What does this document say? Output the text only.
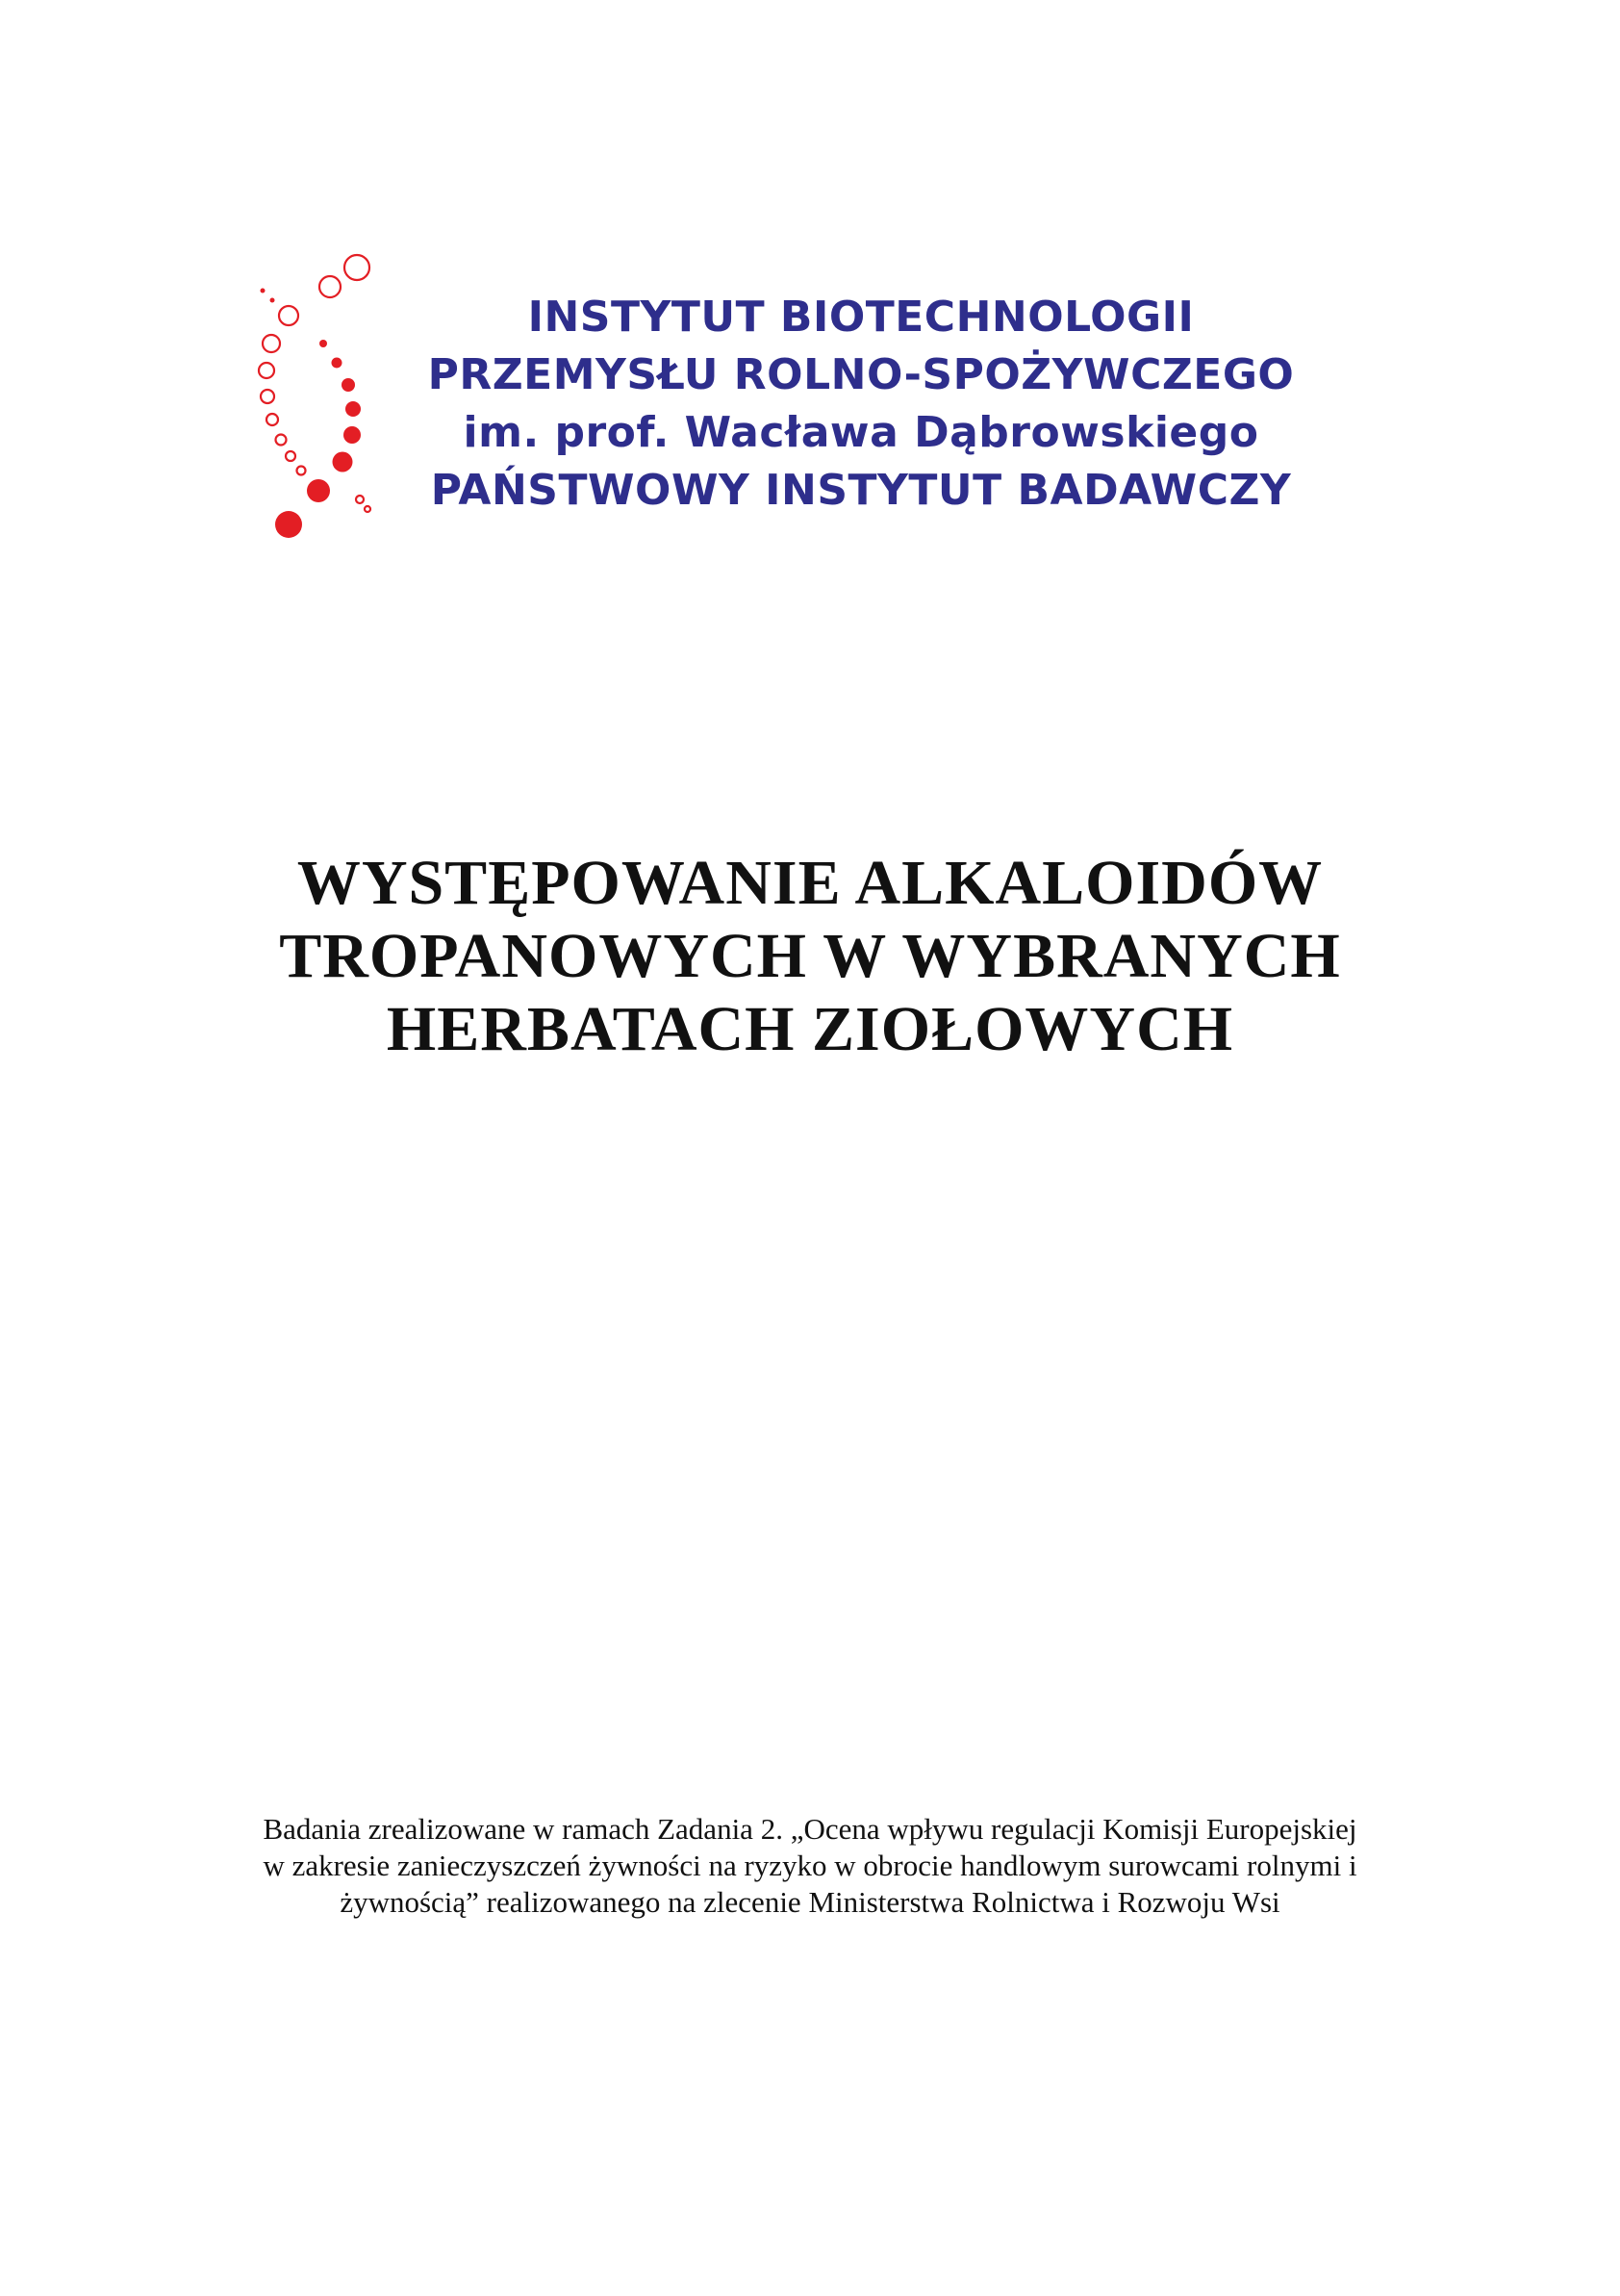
INSTYTUT BIOTECHNOLOGII
PRZEMYSŁU ROLNO-SPOŻYWCZEGO
im. prof. Wacława Dąbrowskiego
PAŃSTWOWY INSTYTUT BADAWCZY
WYSTĘPOWANIE ALKALOIDÓW
TROPANOWYCH W WYBRANYCH
HERBATACH ZIOŁOWYCH
Badania zrealizowane w ramach Zadania 2. „Ocena wpływu regulacji Komisji Europejskiej
w zakresie zanieczyszczeń żywności na ryzyko w obrocie handlowym surowcami rolnymi i
żywnością” realizowanego na zlecenie Ministerstwa Rolnictwa i Rozwoju Wsi
